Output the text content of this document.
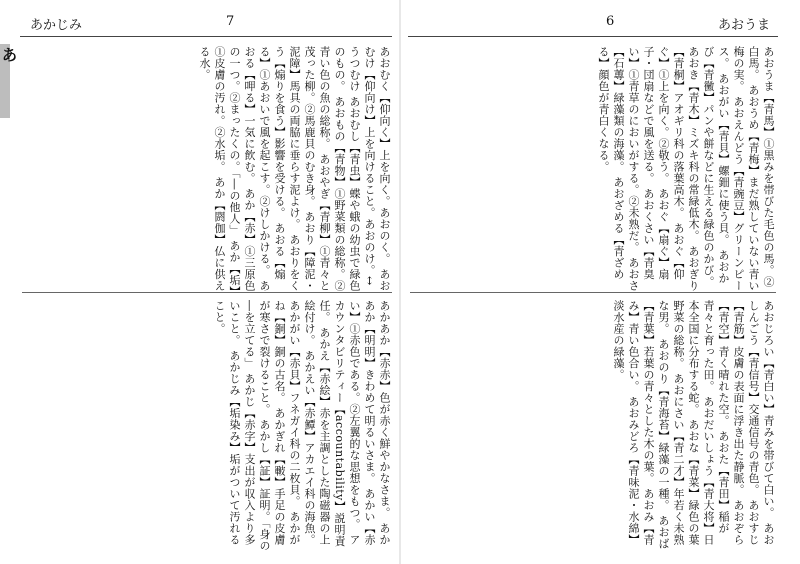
あ
あかじみ	7
あおむく【仰向く】上を向く。あおのく。 あおむけ【仰向け】上を向けること。あおのけ。↔うつむけ あおむし【青虫】蝶や蛾の幼虫で緑色のもの。 あおもの【青物】①野菜類の総称。②青い色の魚の総称。 あおやぎ【青柳】①青々と茂った柳。②馬鹿貝のむき身。 あおり【障泥・泥障】馬具の両脇に垂らす泥よけ。 あおりをくう【煽りを食う】影響を受ける。 あおる【煽る】①あおいで風を起こす。②けしかける。 あおる【呷る】一気に飲む。 あか【赤】①三原色の一つ。②まったくの。「―の他人」 あか【垢】①皮膚の汚れ。②水垢。 あか【閼伽】仏に供える水。
あかあか【赤赤】色が赤く鮮やかなさま。 あかあか【明明】きわめて明るいさま。 あかい【赤い】①赤色である。②左翼的な思想をもつ。 アカウンタビリティー【accountability】説明責任。 あかえ【赤絵】赤を主調とした陶磁器の上絵付け。 あかえい【赤鱏】アカエイ科の海魚。 あかがい【赤貝】フネガイ科の二枚貝。 あかがね【銅】銅の古名。 あかぎれ【皸】手足の皮膚が寒さで裂けること。 あかし【証】証明。「身の―を立てる」 あかじ【赤字】支出が収入より多いこと。 あかじみ【垢染み】垢がついて汚れること。
6	あおうま
あおうま【青馬】①黒みを帯びた毛色の馬。②白馬。 あおうめ【青梅】まだ熟していない青い梅の実。 あおえんどう【青豌豆】グリーンピース。 あおがい【青貝】螺鈿に使う貝。 あおかび【青黴】パンや餅などに生える緑色のかび。 あおき【青木】ミズキ科の常緑低木。 あおぎり【青桐】アオギリ科の落葉高木。 あおぐ【仰ぐ】①上を向く。②敬う。 あおぐ【扇ぐ】扇子・団扇などで風を送る。 あおくさい【青臭い】①青草のにおいがする。②未熟だ。 あおさ【石蓴】緑藻類の海藻。 あおざめる【青ざめる】顔色が青白くなる。
あおじろい【青白い】青みを帯びて白い。 あおしんごう【青信号】交通信号の青色。 あおすじ【青筋】皮膚の表面に浮き出た静脈。 あおぞら【青空】青く晴れた空。 あおた【青田】稲が青々と育った田。 あおだいしょう【青大将】日本全国に分布する蛇。 あおな【青菜】緑色の葉野菜の総称。 あおにさい【青二才】年若く未熟な男。 あおのり【青海苔】緑藻の一種。 あおば【青葉】若葉の青々とした木の葉。 あおみ【青み】青い色合い。 あおみどろ【青味泥・水綿】淡水産の緑藻。
